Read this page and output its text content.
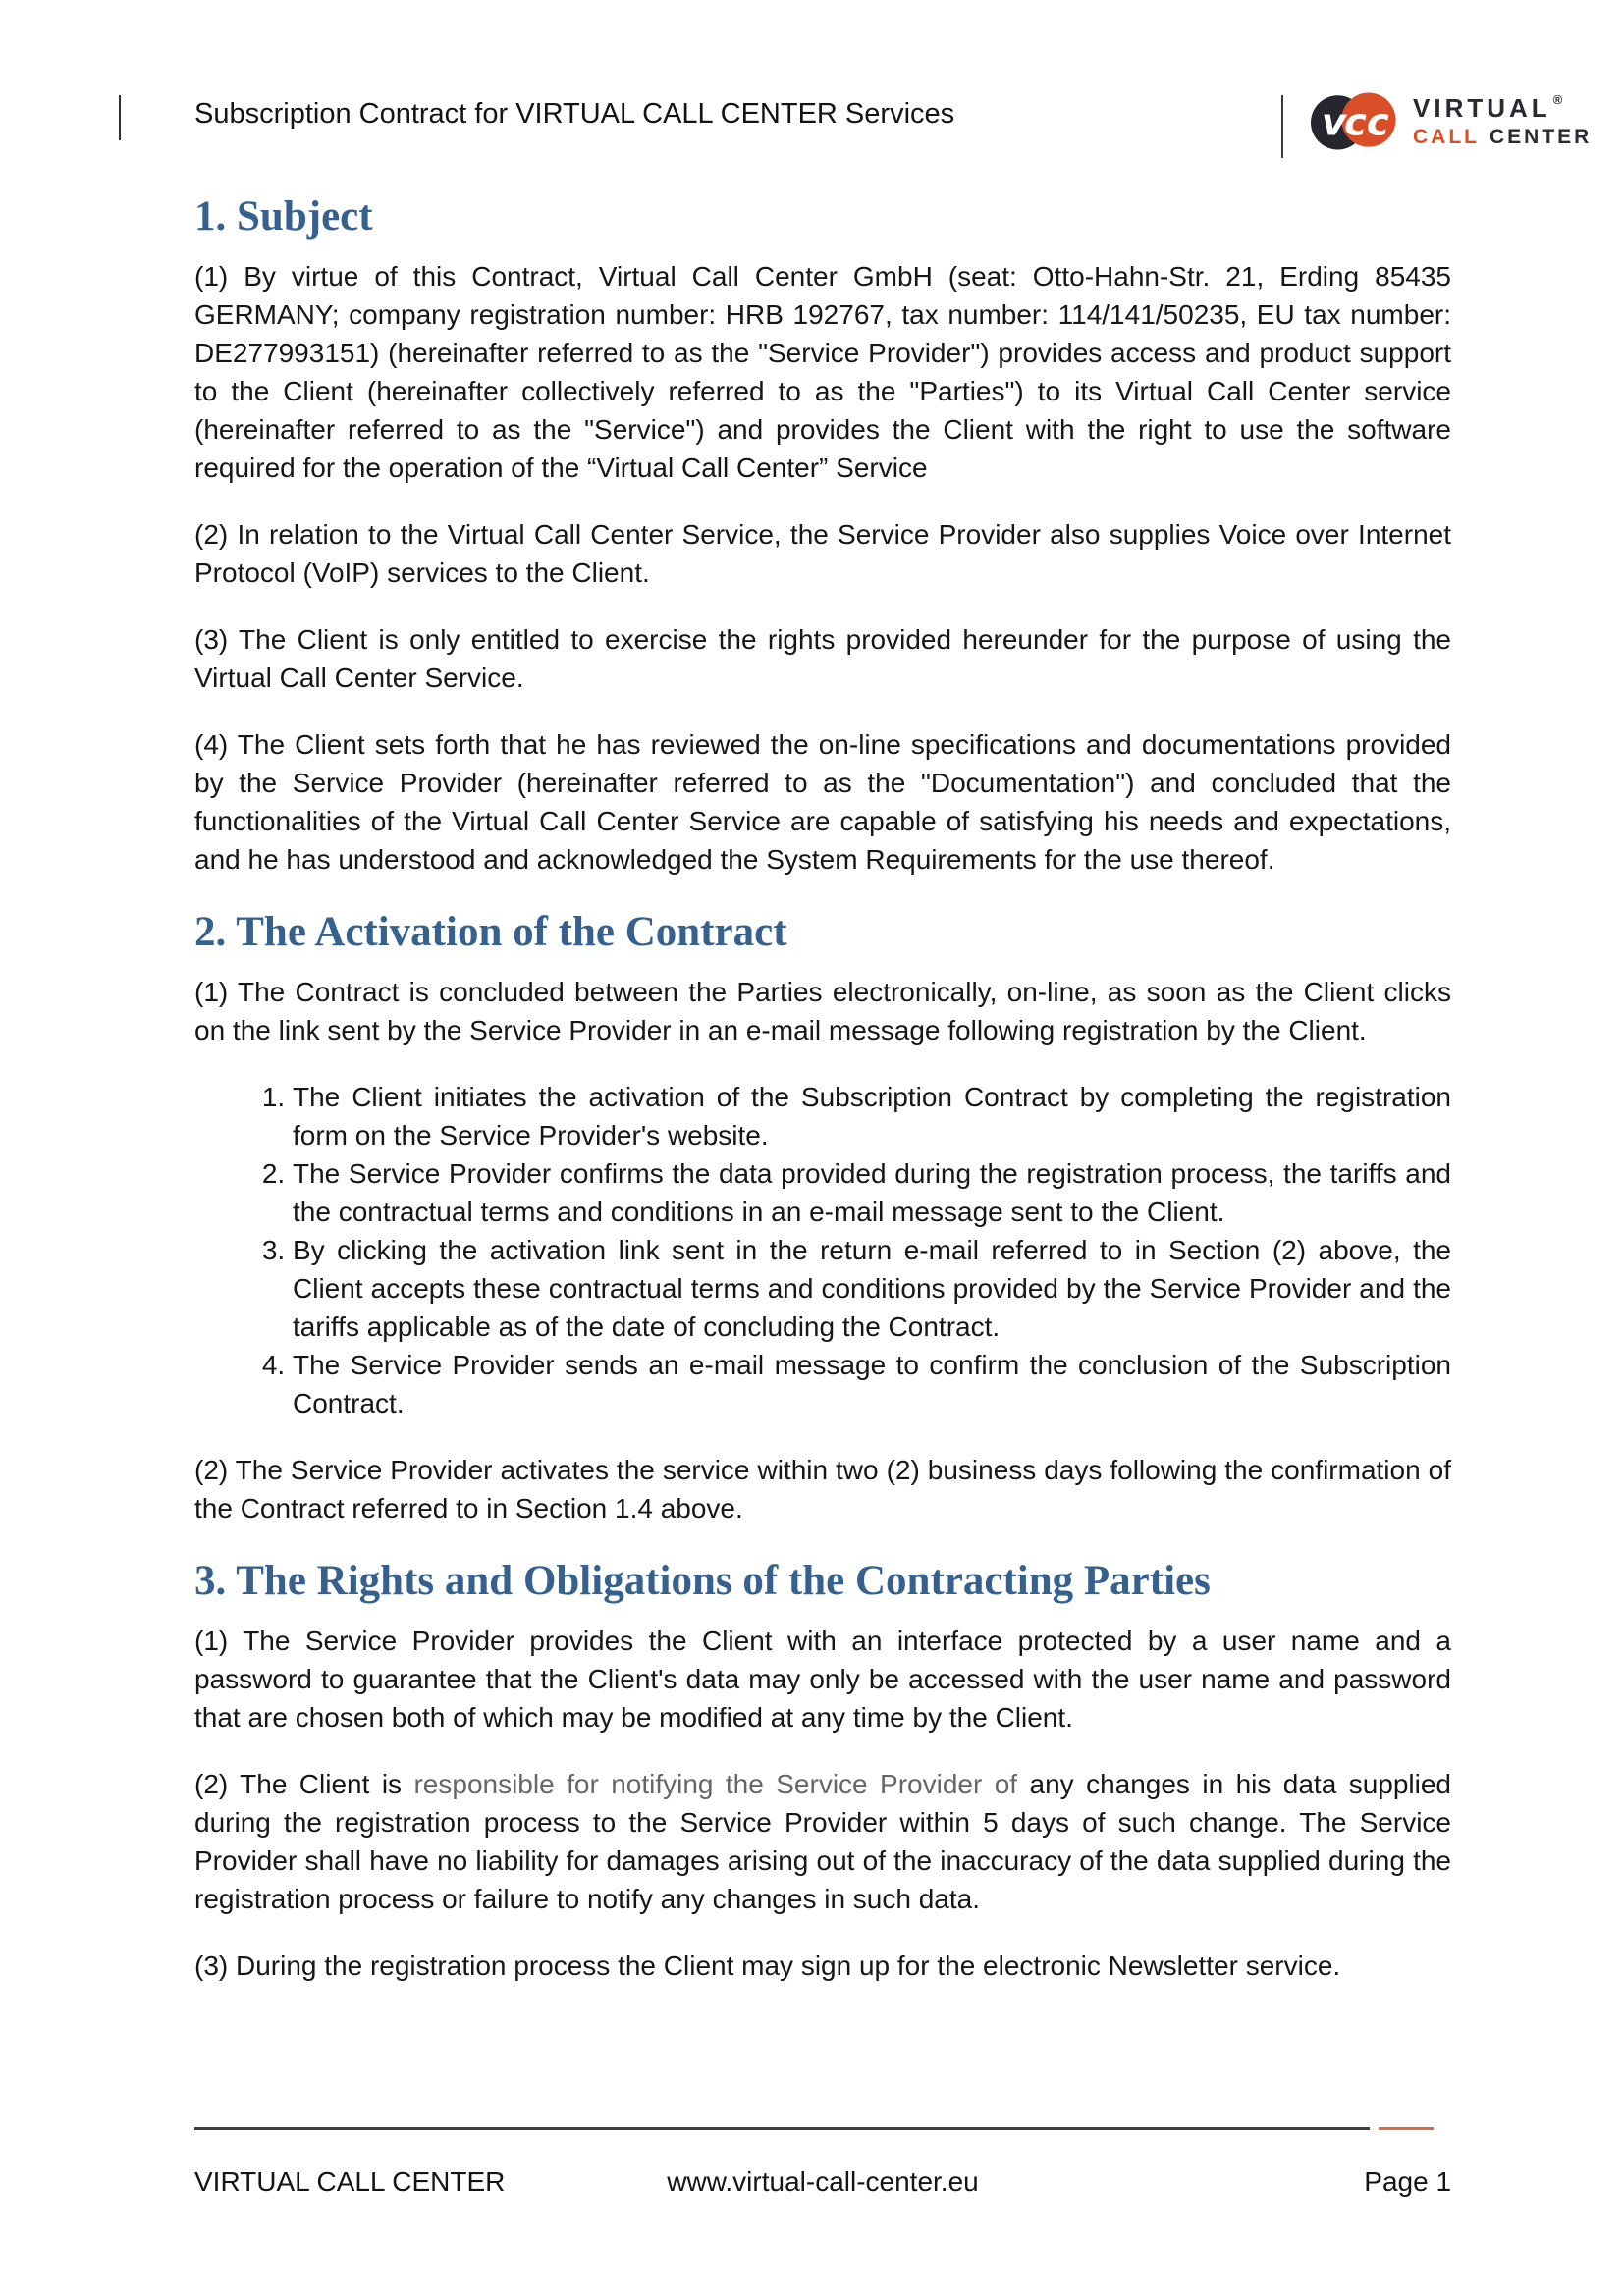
Subscription Contract for VIRTUAL CALL CENTER Services	v
cc VIRTUAL ®
CALL CENTER
1. Subject

(1) By virtue of this Contract, Virtual Call Center GmbH (seat: Otto-Hahn-Str. 21, Erding 85435 GERMANY; company registration number: HRB 192767, tax number: 114/141/50235, EU tax number: DE277993151) (hereinafter referred to as the "Service Provider") provides access and product support to the Client (hereinafter collectively referred to as the "Parties") to its Virtual Call Center service (hereinafter referred to as the "Service") and provides the Client with the right to use the software required for the operation of the “Virtual Call Center” Service

(2) In relation to the Virtual Call Center Service, the Service Provider also supplies Voice over Internet Protocol (VoIP) services to the Client.

(3) The Client is only entitled to exercise the rights provided hereunder for the purpose of using the Virtual Call Center Service.

(4) The Client sets forth that he has reviewed the on-line specifications and documentations provided by the Service Provider (hereinafter referred to as the "Documentation") and concluded that the functionalities of the Virtual Call Center Service are capable of satisfying his needs and expectations, and he has understood and acknowledged the System Requirements for the use thereof.

2. The Activation of the Contract

(1) The Contract is concluded between the Parties electronically, on-line, as soon as the Client clicks on the link sent by the Service Provider in an e-mail message following registration by the Client.

1. The Client initiates the activation of the Subscription Contract by completing the registration form on the Service Provider's website.
2. The Service Provider confirms the data provided during the registration process, the tariffs and the contractual terms and conditions in an e-mail message sent to the Client.
3. By clicking the activation link sent in the return e-mail referred to in Section (2) above, the Client accepts these contractual terms and conditions provided by the Service Provider and the tariffs applicable as of the date of concluding the Contract.
4. The Service Provider sends an e-mail message to confirm the conclusion of the Subscription Contract.

(2) The Service Provider activates the service within two (2) business days following the confirmation of the Contract referred to in Section 1.4 above.

3. The Rights and Obligations of the Contracting Parties

(1) The Service Provider provides the Client with an interface protected by a user name and a password to guarantee that the Client's data may only be accessed with the user name and password that are chosen both of which may be modified at any time by the Client.

(2) The Client is responsible for notifying the Service Provider of any changes in his data supplied during the registration process to the Service Provider within 5 days of such change. The Service Provider shall have no liability for damages arising out of the inaccuracy of the data supplied during the registration process or failure to notify any changes in such data.

(3) During the registration process the Client may sign up for the electronic Newsletter service.

VIRTUAL CALL CENTER	www.virtual-call-center.eu	Page 1
